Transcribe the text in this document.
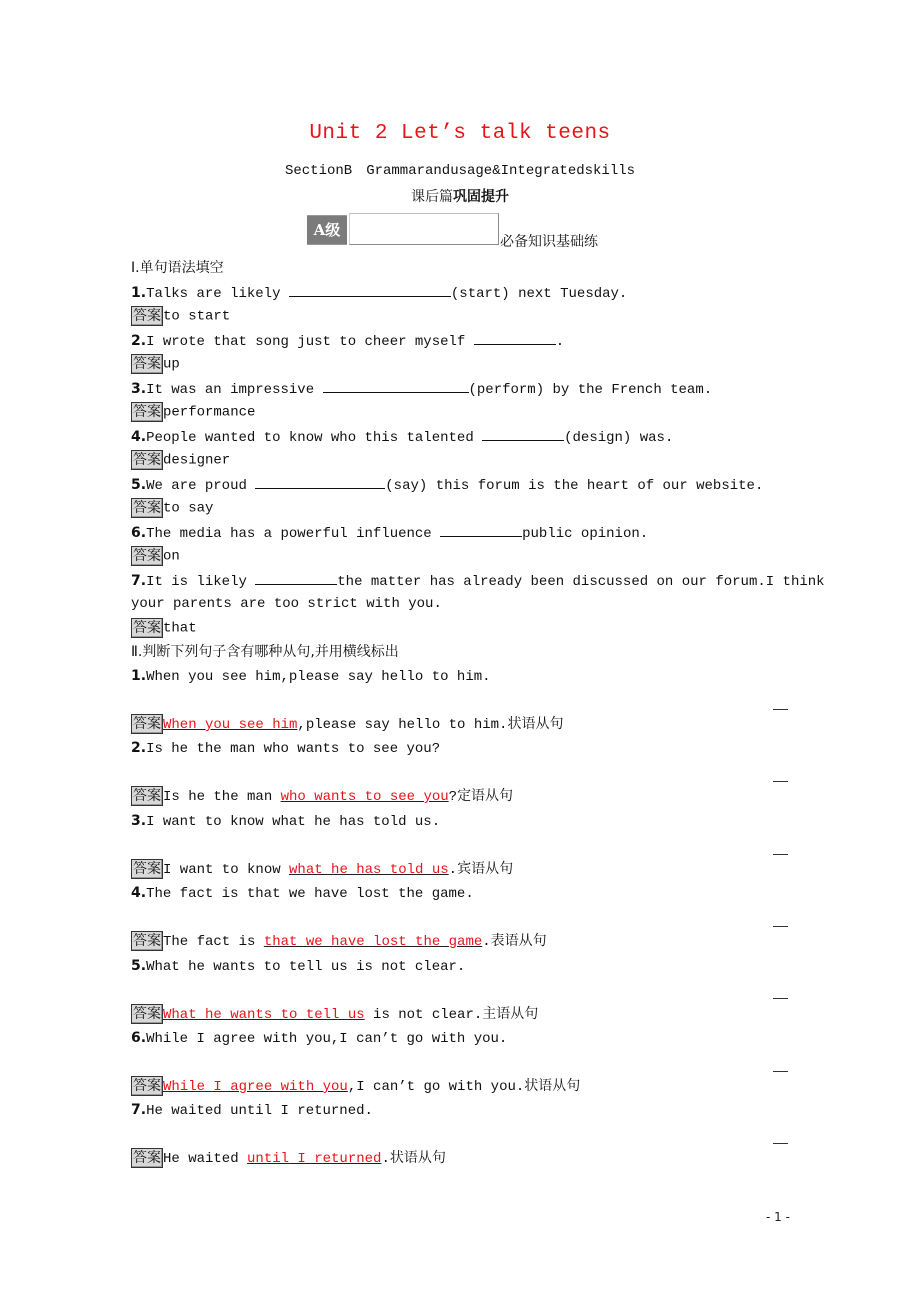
Unit 2 Let’s talk teens
SectionB Grammarandusage&Integratedskills
课后篇巩固提升
A级
必备知识基础练
Ⅰ.单句语法填空
1.Talks are likely	(start) next Tuesday.
答案 to start
2.I wrote that song just to cheer myself	.
答案 up
3.It was an impressive	(perform) by the French team.
答案 performance
4.People wanted to know who this talented	(design) was.
答案 designer
5.We are proud	(say) this forum is the heart of our website.
答案 to say
6.The media has a powerful influence	public opinion.
答案 on
7.It is likely	the matter has already been discussed on our forum.I think
your parents are too strict with you.
答案 that
Ⅱ.判断下列句子含有哪种从句,并用横线标出
1.When you see him,please say hello to him.
答案 When you see him,please say hello to him.状语从句
2.Is he the man who wants to see you?
答案 Is he the man who wants to see you?定语从句
3.I want to know what he has told us.
答案 I want to know what he has told us.宾语从句
4.The fact is that we have lost the game.
答案 The fact is that we have lost the game.表语从句
5.What he wants to tell us is not clear.
答案 What he wants to tell us is not clear.主语从句
6.While I agree with you,I can’t go with you.
答案 While I agree with you,I can’t go with you.状语从句
7.He waited until I returned.
答案 He waited until I returned.状语从句
- 1 -
